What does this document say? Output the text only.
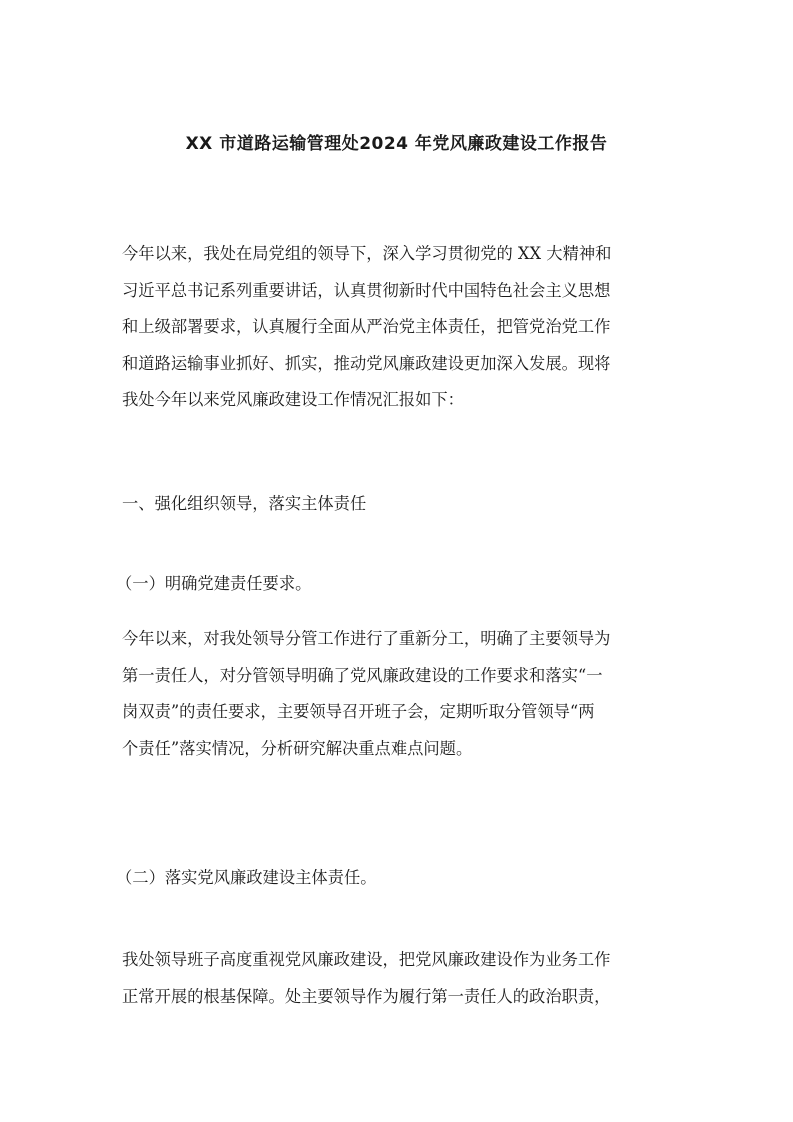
XX 市道路运输管理处2024 年党风廉政建设工作报告
今年以来，我处在局党组的领导下，深入学习贯彻党的 XX 大精神和
习近平总书记系列重要讲话，认真贯彻新时代中国特色社会主义思想
和上级部署要求，认真履行全面从严治党主体责任，把管党治党工作
和道路运输事业抓好、抓实，推动党风廉政建设更加深入发展。现将
我处今年以来党风廉政建设工作情况汇报如下：
一、强化组织领导，落实主体责任
（一）明确党建责任要求。
今年以来，对我处领导分管工作进行了重新分工，明确了主要领导为
第一责任人，对分管领导明确了党风廉政建设的工作要求和落实“一
岗双责”的责任要求，主要领导召开班子会，定期听取分管领导“两
个责任”落实情况，分析研究解决重点难点问题。
（二）落实党风廉政建设主体责任。
我处领导班子高度重视党风廉政建设，把党风廉政建设作为业务工作
正常开展的根基保障。处主要领导作为履行第一责任人的政治职责，
